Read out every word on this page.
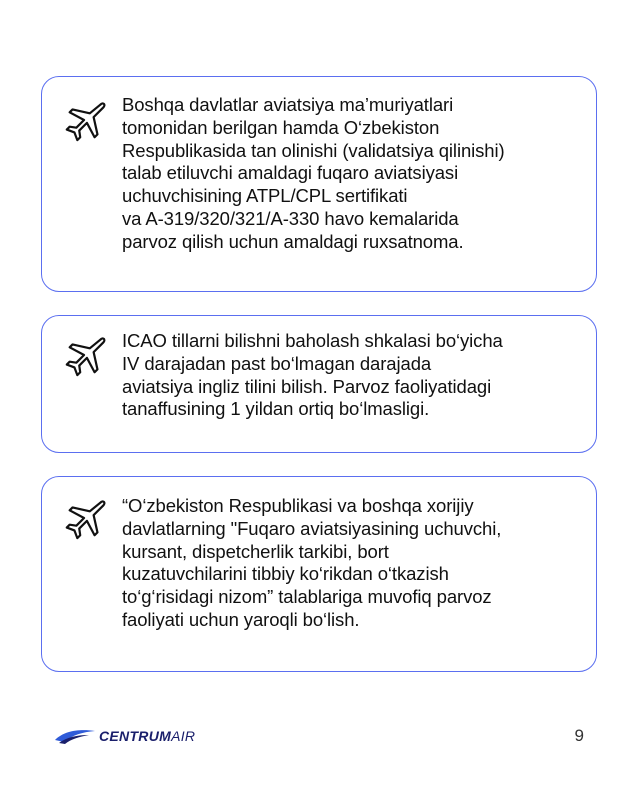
Boshqa davlatlar aviatsiya ma’muriyatlari
tomonidan berilgan hamda O‘zbekiston
Respublikasida tan olinishi (validatsiya qilinishi)
talab etiluvchi amaldagi fuqaro aviatsiyasi
uchuvchisining ATPL/CPL sertifikati
va A-319/320/321/A-330 havo kemalarida
parvoz qilish uchun amaldagi ruxsatnoma.
ICAO tillarni bilishni baholash shkalasi bo‘yicha
IV darajadan past bo‘lmagan darajada
aviatsiya ingliz tilini bilish. Parvoz faoliyatidagi
tanaffusining 1 yildan ortiq bo‘lmasligi.
“O‘zbekiston Respublikasi va boshqa xorijiy
davlatlarning "Fuqaro aviatsiyasining uchuvchi,
kursant, dispetcherlik tarkibi, bort
kuzatuvchilarini tibbiy ko‘rikdan o‘tkazish
to‘g‘risidagi nizom” talablariga muvofiq parvoz
faoliyati uchun yaroqli bo‘lish.
CENTRUMAIR	9
